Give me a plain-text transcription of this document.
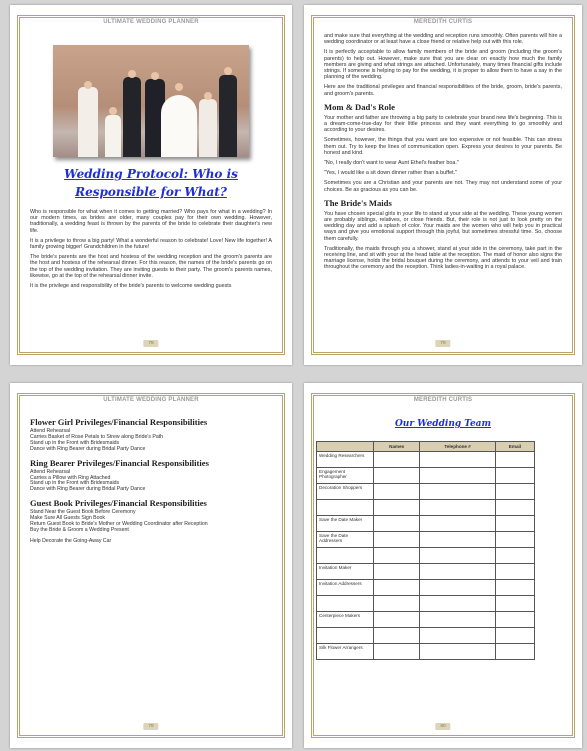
ULTIMATE WEDDING PLANNER
Wedding Protocol: Who is Responsible for What?

Who is responsible for what when it comes to getting married? Who pays for what in a wedding? In our modern times, as brides are older, many couples pay for their own wedding. However, traditionally, a wedding feast is thrown by the parents of the bride to celebrate their daughter's new life.

It is a privilege to throw a big party! What a wonderful reason to celebrate! Love! New life together! A family growing bigger! Grandchildren in the future!

The bride's parents are the host and hostess of the wedding reception and the groom's parents are the host and hostess of the rehearsal dinner. For this reason, the names of the bride's parents go on the top of the wedding invitation. They are inviting guests to their party. The groom's parents names, likewise, go at the top of the rehearsal dinner invite.

It is the privilege and responsibility of the bride's parents to welcome wedding guests

78
MEREDITH CURTIS

and make sure that everything at the wedding and reception runs smoothly. Often parents will hire a wedding coordinator or at least have a close friend or relative help out with this role.

It is perfectly acceptable to allow family members of the bride and groom (including the groom's parents) to help out. However, make sure that you are clear on exactly how much the family members are giving and what strings are attached. Unfortunately, many times financial gifts include strings. If someone is helping to pay for the wedding, it is proper to allow them to have a say in the planning of the wedding.

Here are the traditional privileges and financial responsibilities of the bride, groom, bride's parents, and groom's parents.

Mom & Dad's Role

Your mother and father are throwing a big party to celebrate your brand new life's beginning. This is a dream-come-true-day for their little princess and they want everything to go smoothly and according to your desires.

Sometimes, however, the things that you want are too expensive or not feasible. This can stress them out. Try to keep the lines of communication open. Express your desires to your parents. Be honest and kind.

"No, I really don't want to wear Aunt Ethel's feather boa."

"Yes, I would like a sit down dinner rather than a buffet."

Sometimes you are a Christian and your parents are not. They may not understand some of your choices. Be as gracious as you can be.

The Bride's Maids

You have chosen special girls in your life to stand at your side at the wedding. These young women are probably siblings, relatives, or close friends. But, their role is not just to look pretty on the wedding day and add a splash of color. Your maids are the women who will help you in practical ways and give you emotional support through this joyful, but sometimes stressful time. So, choose them carefully.

Traditionally, the maids through you a shower, stand at your side in the ceremony, take part in the receiving line, and sit with your at the head table at the reception. The maid of honor also signs the marriage license, holds the bridal bouquet during the ceremony, and attends to your veil and train throughout the ceremony and the reception. Think ladies-in-waiting in a royal palace.

79
ULTIMATE WEDDING PLANNER
Flower Girl Privileges/Financial Responsibilities
Attend Rehearsal
Carries Basket of Rose Petals to Strew along Bride's Path
Stand up in the Front with Bridesmaids
Dance with Ring Bearer during Bridal Party Dance
Ring Bearer Privileges/Financial Responsibilities
Attend Rehearsal
Carries a Pillow with Ring Attached
Stand up in the Front with Bridesmaids
Dance with Ring Bearer during Bridal Party Dance
Guest Book Privileges/Financial Responsibilities
Stand Near the Guest Book Before Ceremony
Make Sure All Guests Sign Book
Return Guest Book to Bride's Mother or Wedding Coordinator after Reception
Buy the Bride & Groom a Wedding Present
Help Decorate the Going-Away Car
78
MEREDITH CURTIS
Our Wedding Team
	Names	Telephone #	Email
Wedding Researchers			
Engagement Photographer			
Decoration Shoppers			

Save the Date Maker			
Save the Date Addressers			

Invitation Maker			
Invitation Addressers			

Centerpiece Makers			

Silk Flower Arrangers			
80
